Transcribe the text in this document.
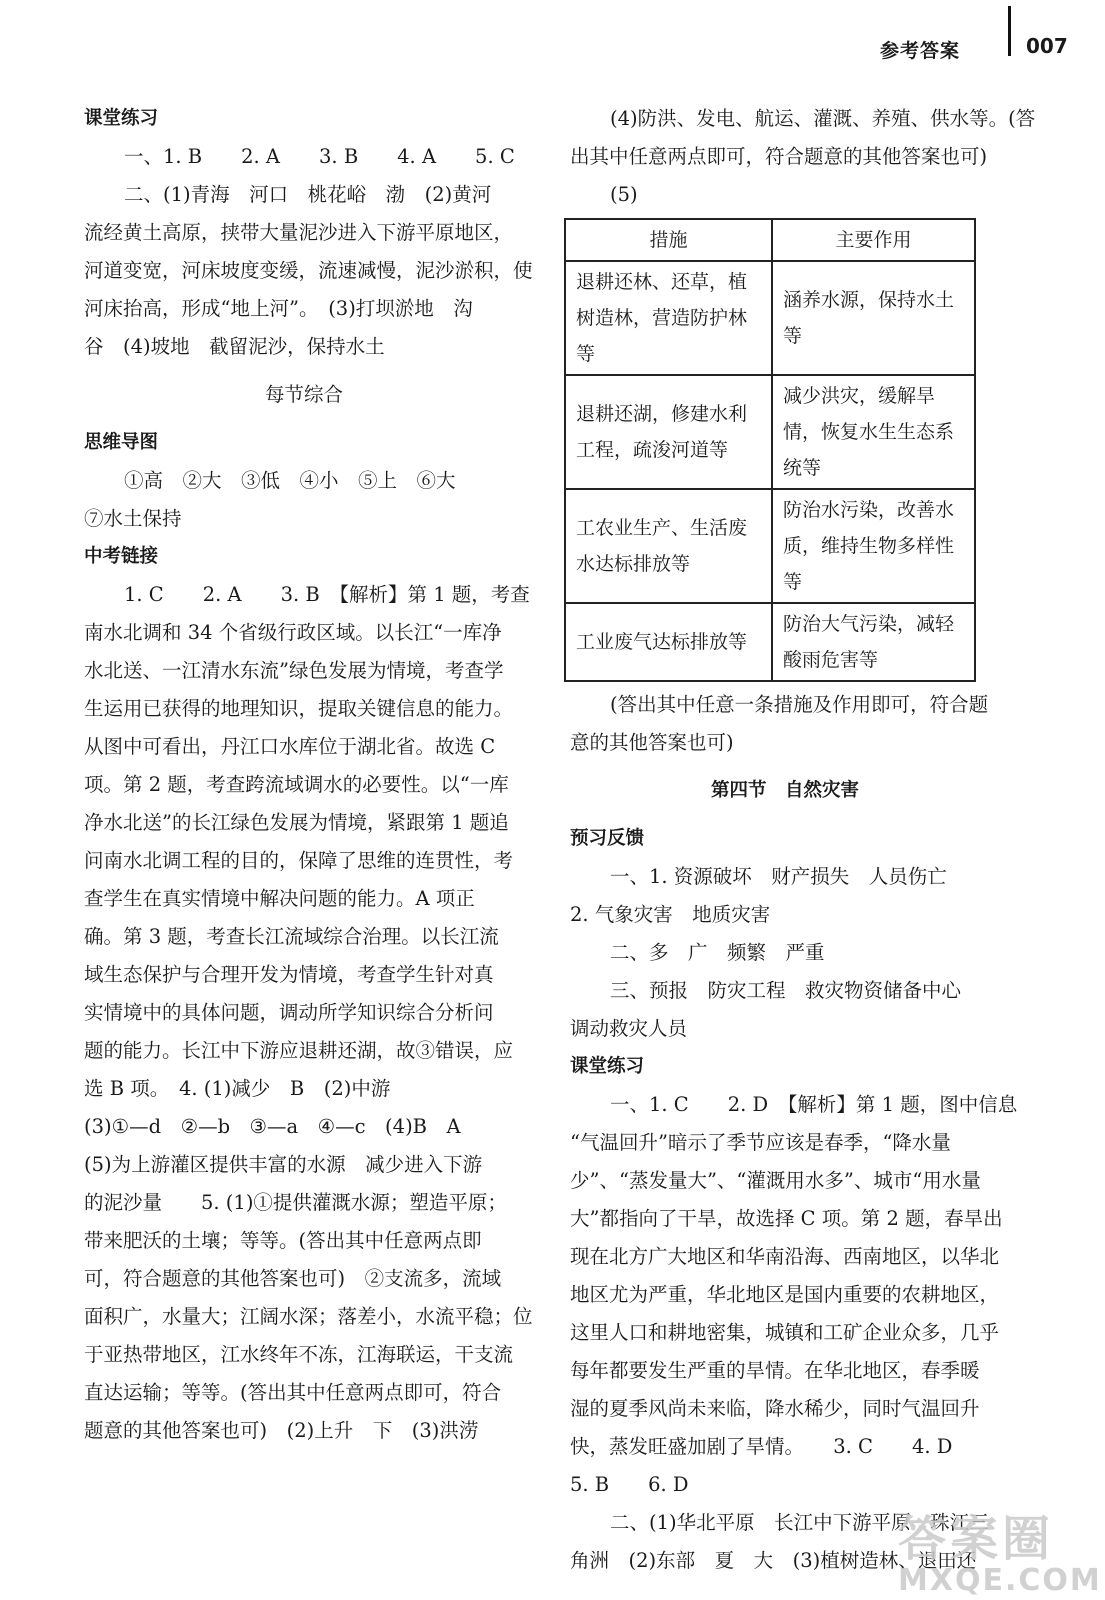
参考答案	007
课堂练习
一、1. B　　2. A　　3. B　　4. A　　5. C
二、(1)青海　河口　桃花峪　渤　(2)黄河
流经黄土高原，挟带大量泥沙进入下游平原地区，
河道变宽，河床坡度变缓，流速减慢，泥沙淤积，使
河床抬高，形成“地上河”。　(3)打坝淤地　沟
谷　(4)坡地　截留泥沙，保持水土
每节综合
思维导图
①高　②大　③低　④小　⑤上　⑥大
⑦水土保持
中考链接
1. C　　2. A　　3. B　【解析】第 1 题，考查
南水北调和 34 个省级行政区域。以长江“一库净
水北送、一江清水东流”绿色发展为情境，考查学
生运用已获得的地理知识，提取关键信息的能力。
从图中可看出，丹江口水库位于湖北省。故选 C
项。第 2 题，考查跨流域调水的必要性。以“一库
净水北送”的长江绿色发展为情境，紧跟第 1 题追
问南水北调工程的目的，保障了思维的连贯性，考
查学生在真实情境中解决问题的能力。A 项正
确。第 3 题，考查长江流域综合治理。以长江流
域生态保护与合理开发为情境，考查学生针对真
实情境中的具体问题，调动所学知识综合分析问
题的能力。长江中下游应退耕还湖，故③错误，应
选 B 项。　4. (1)减少　B　(2)中游
(3)①—d　②—b　③—a　④—c　(4)B　A
(5)为上游灌区提供丰富的水源　减少进入下游
的泥沙量　　5. (1)①提供灌溉水源；塑造平原；
带来肥沃的土壤；等等。(答出其中任意两点即
可，符合题意的其他答案也可)　②支流多，流域
面积广，水量大；江阔水深；落差小，水流平稳；位
于亚热带地区，江水终年不冻，江海联运，干支流
直达运输；等等。(答出其中任意两点即可，符合
题意的其他答案也可)　(2)上升　下　(3)洪涝
(4)防洪、发电、航运、灌溉、养殖、供水等。(答
出其中任意两点即可，符合题意的其他答案也可)
(5)
措施	主要作用
退耕还林、还草，植树造林，营造防护林等	涵养水源，保持水土等
退耕还湖，修建水利工程，疏浚河道等	减少洪灾，缓解旱情，恢复水生生态系统等
工农业生产、生活废水达标排放等	防治水污染，改善水质，维持生物多样性等
工业废气达标排放等	防治大气污染，减轻酸雨危害等
(答出其中任意一条措施及作用即可，符合题
意的其他答案也可)
第四节　自然灾害
预习反馈
一、1. 资源破坏　财产损失　人员伤亡
2. 气象灾害　地质灾害
二、多　广　频繁　严重
三、预报　防灾工程　救灾物资储备中心
调动救灾人员
课堂练习
一、1. C　　2. D　【解析】第 1 题，图中信息
“气温回升”暗示了季节应该是春季，“降水量
少”、“蒸发量大”、“灌溉用水多”、城市“用水量
大”都指向了干旱，故选择 C 项。第 2 题，春旱出
现在北方广大地区和华南沿海、西南地区，以华北
地区尤为严重，华北地区是国内重要的农耕地区，
这里人口和耕地密集，城镇和工矿企业众多，几乎
每年都要发生严重的旱情。在华北地区，春季暖
湿的夏季风尚未来临，降水稀少，同时气温回升
快，蒸发旺盛加剧了旱情。　　3. C　　4. D
5. B　　6. D
二、(1)华北平原　长江中下游平原　珠江三
角洲　(2)东部　夏　大　(3)植树造林、退田还
答案圈
MXQE.COM
